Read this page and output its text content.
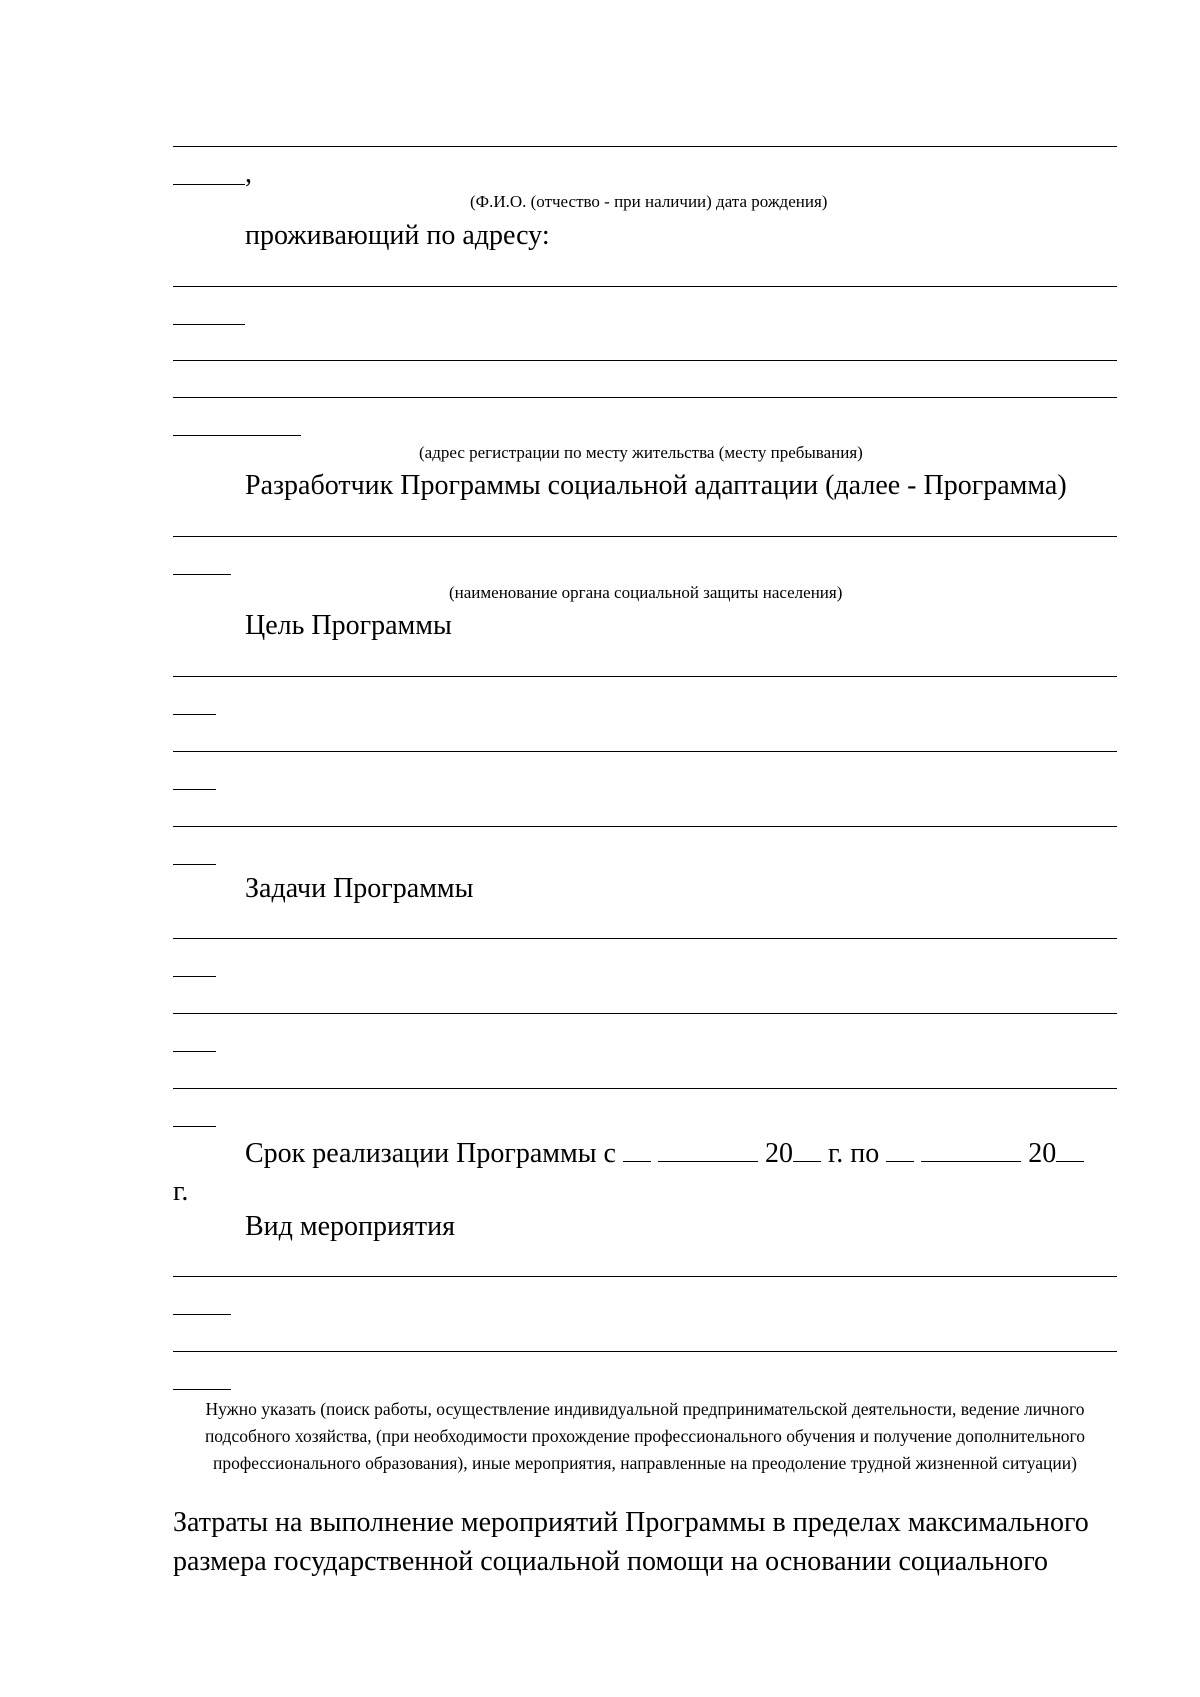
,
(Ф.И.О. (отчество - при наличии) дата рождения)
проживающий по адресу:
(адрес регистрации по месту жительства (месту пребывания)
Разработчик Программы социальной адаптации (далее - Программа)
(наименование органа социальной защиты населения)
Цель Программы
Задачи Программы
Срок реализации Программы с	20 г. по	20
г.
Вид мероприятия
Нужно указать (поиск работы, осуществление индивидуальной предпринимательской деятельности, ведение личного подсобного хозяйства, (при необходимости прохождение профессионального обучения и получение дополнительного профессионального образования), иные мероприятия, направленные на преодоление трудной жизненной ситуации)
Затраты на выполнение мероприятий Программы в пределах максимального
размера государственной социальной помощи на основании социального
